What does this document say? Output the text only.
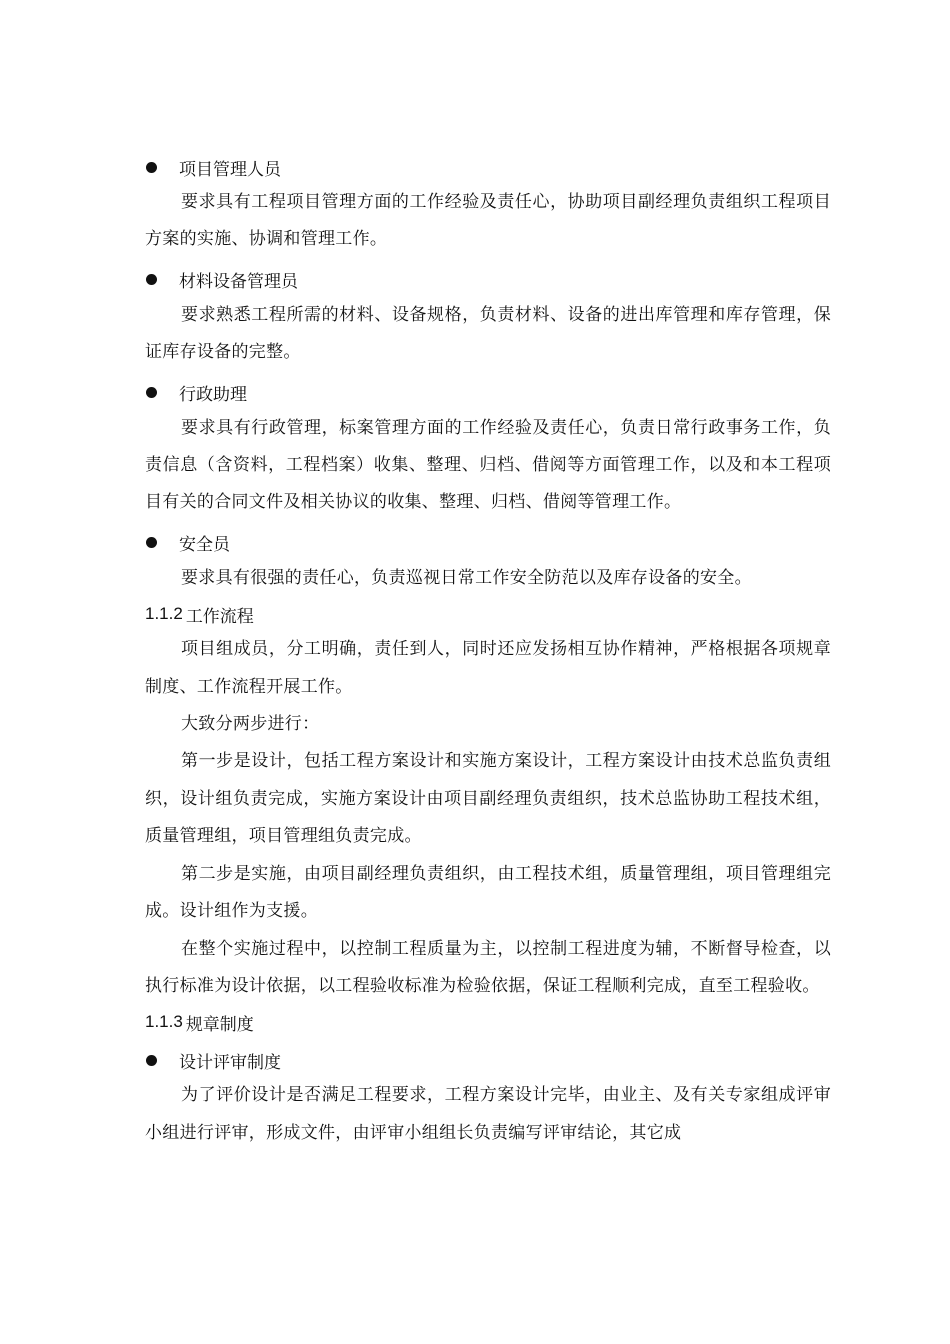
项目管理人员

要求具有工程项目管理方面的工作经验及责任心，协助项目副经理负责组织工程项目方案的实施、协调和管理工作。

材料设备管理员

要求熟悉工程所需的材料、设备规格，负责材料、设备的进出库管理和库存管理，保证库存设备的完整。

行政助理

要求具有行政管理，标案管理方面的工作经验及责任心，负责日常行政事务工作，负责信息（含资料，工程档案）收集、整理、归档、借阅等方面管理工作，以及和本工程项目有关的合同文件及相关协议的收集、整理、归档、借阅等管理工作。

安全员

要求具有很强的责任心，负责巡视日常工作安全防范以及库存设备的安全。

1.1.2 工作流程

项目组成员，分工明确，责任到人，同时还应发扬相互协作精神，严格根据各项规章制度、工作流程开展工作。

大致分两步进行：

第一步是设计，包括工程方案设计和实施方案设计，工程方案设计由技术总监负责组织，设计组负责完成，实施方案设计由项目副经理负责组织，技术总监协助工程技术组，质量管理组，项目管理组负责完成。

第二步是实施，由项目副经理负责组织，由工程技术组，质量管理组，项目管理组完成。设计组作为支援。

在整个实施过程中，以控制工程质量为主，以控制工程进度为辅，不断督导检查，以执行标准为设计依据，以工程验收标准为检验依据，保证工程顺利完成，直至工程验收。

1.1.3 规章制度
设计评审制度

为了评价设计是否满足工程要求，工程方案设计完毕，由业主、及有关专家组成评审小组进行评审，形成文件，由评审小组组长负责编写评审结论，其它成
